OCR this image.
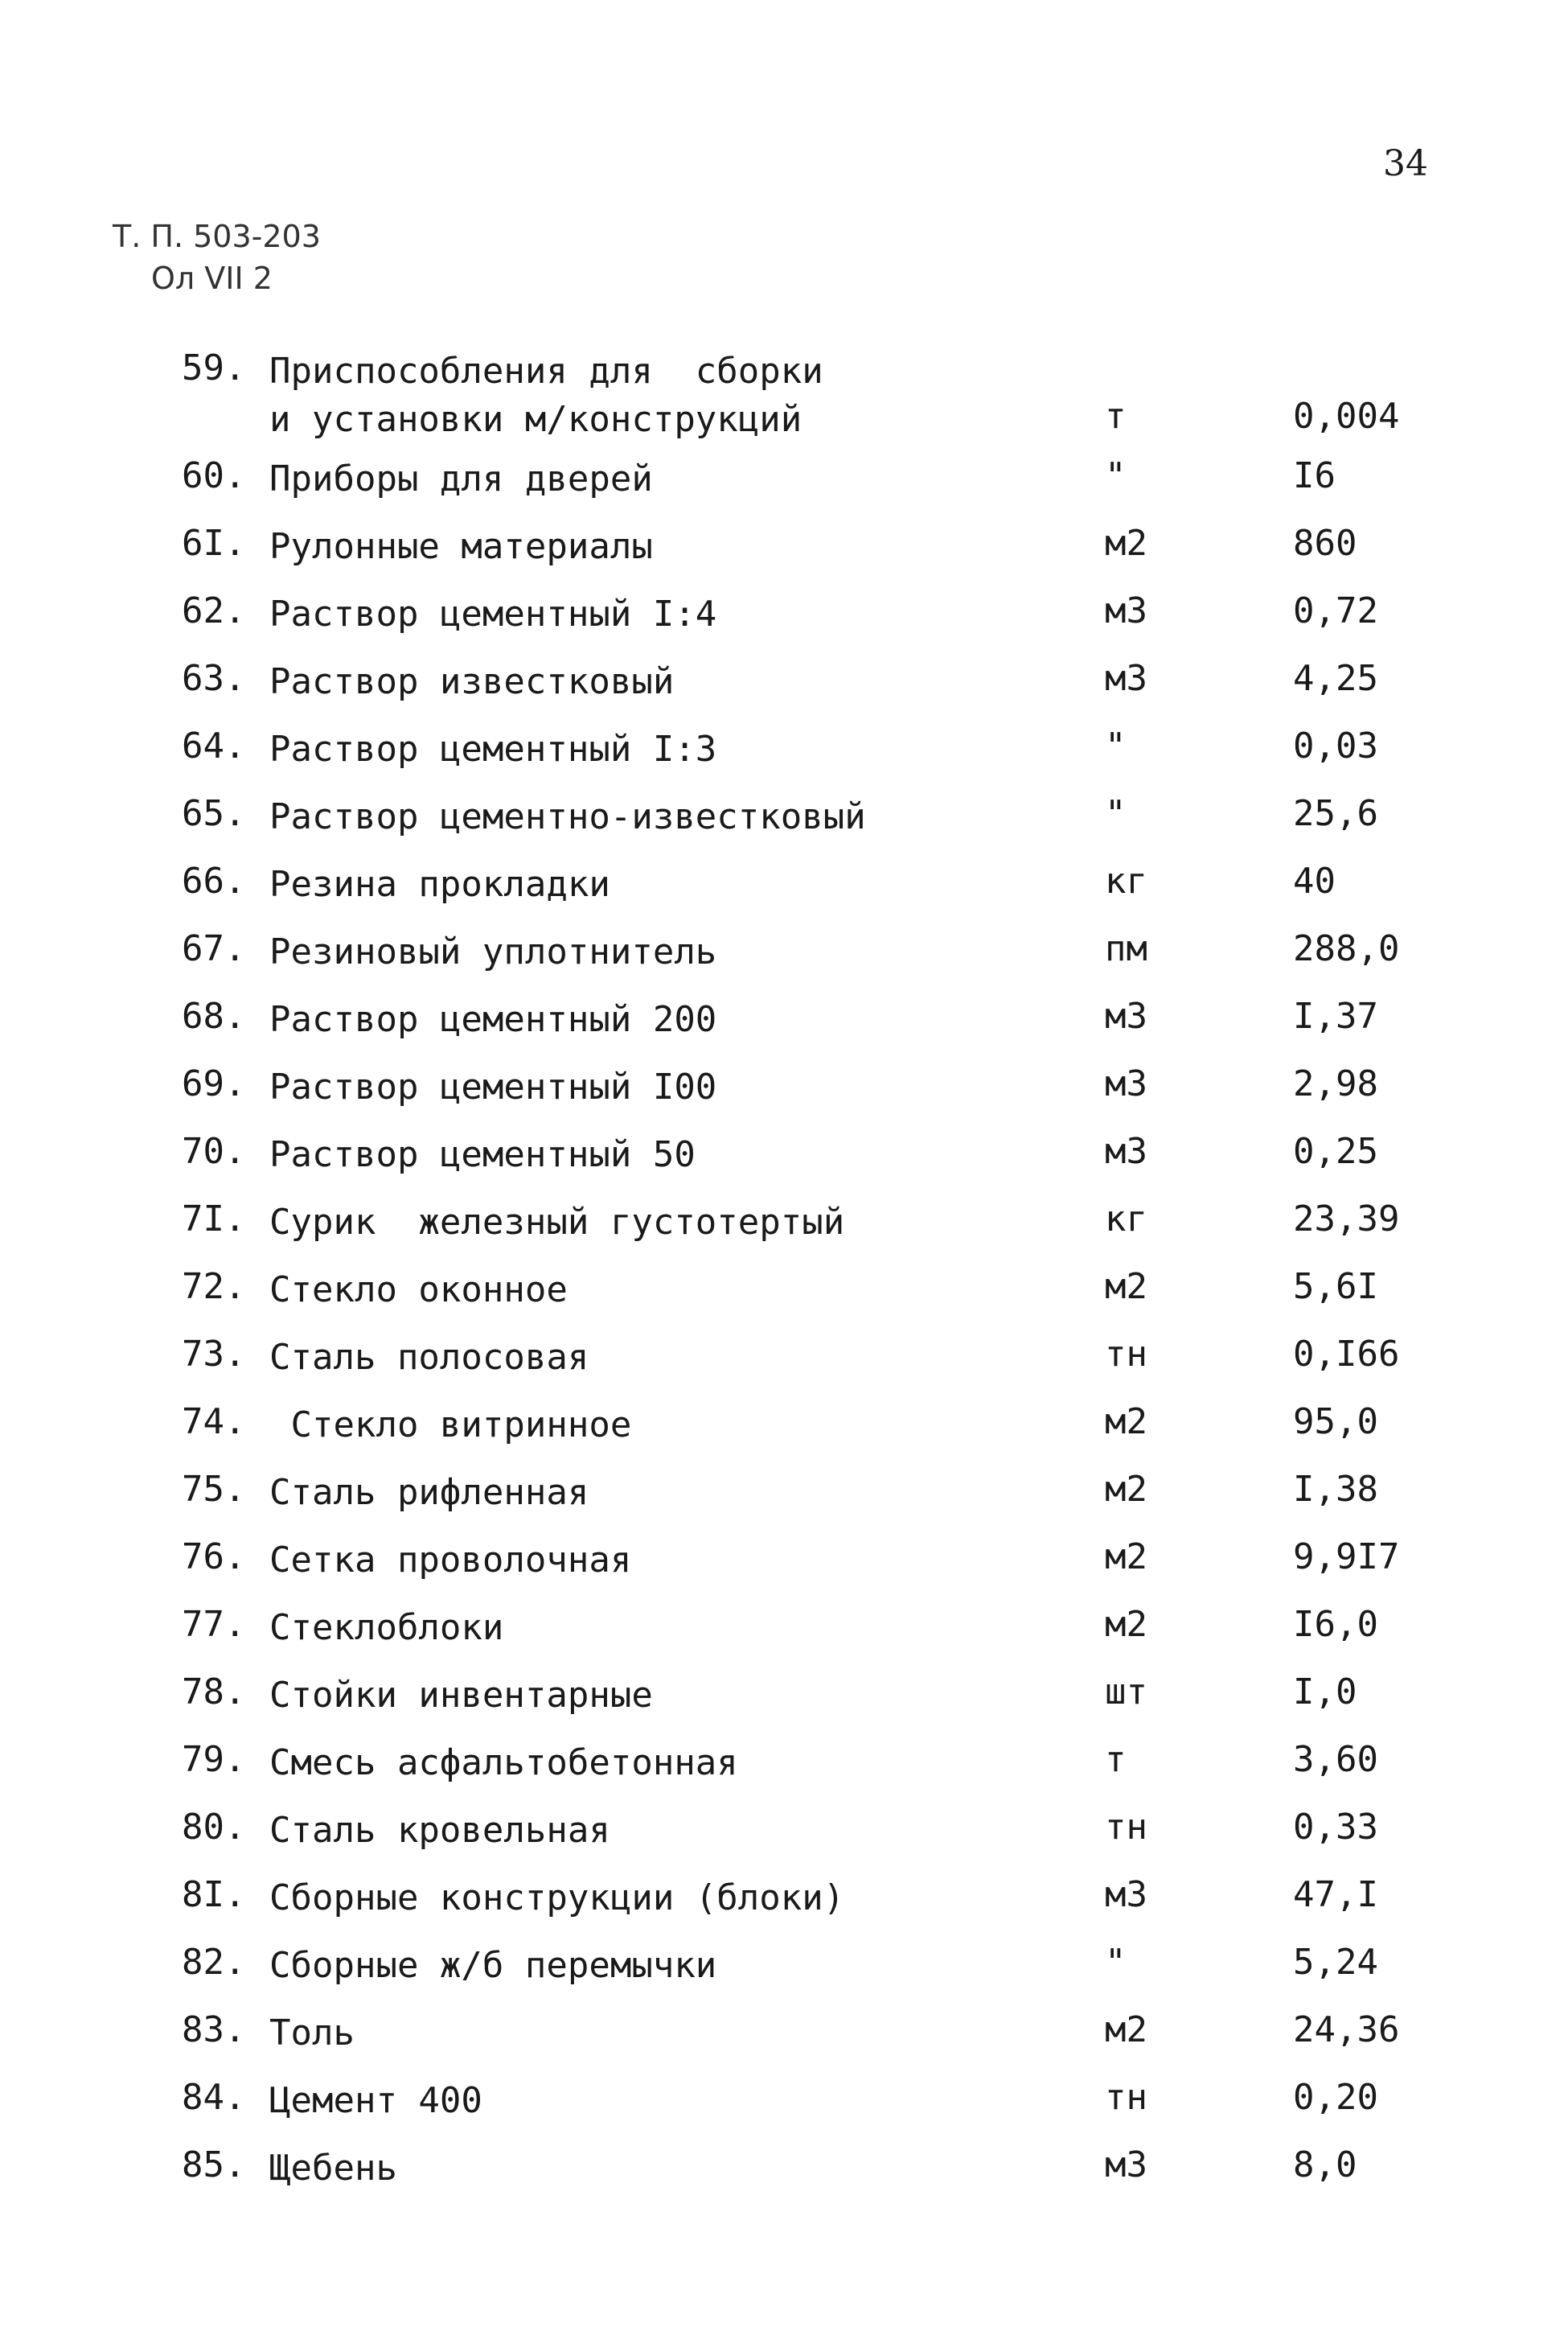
34
Т. П. 503-203
Ол VII 2
59. Приспособления для  сборки
и установки м/конструкций	т	0,004
60. Приборы для дверей	"	I6
6I. Рулонные материалы	м2	860
62. Раствор цементный I:4	м3	0,72
63. Раствор известковый	м3	4,25
64. Раствор цементный I:3	"	0,03
65. Раствор цементно-известковый	"	25,6
66. Резина прокладки	кг	40
67. Резиновый уплотнитель	пм	288,0
68. Раствор цементный 200	м3	I,37
69. Раствор цементный I00	м3	2,98
70. Раствор цементный 50	м3	0,25
7I. Сурик  железный густотертый	кг	23,39
72. Стекло оконное	м2	5,6I
73. Сталь полосовая	тн	0,I66
74. Стекло витринное	м2	95,0
75. Сталь рифленная	м2	I,38
76. Сетка проволочная	м2	9,9I7
77. Стеклоблоки	м2	I6,0
78. Стойки инвентарные	шт	I,0
79. Смесь асфальтобетонная	т	3,60
80. Сталь кровельная	тн	0,33
8I. Сборные конструкции (блоки)	м3	47,I
82. Сборные ж/б перемычки	"	5,24
83. Толь	м2	24,36
84. Цемент 400	тн	0,20
85. Щебень	м3	8,0
